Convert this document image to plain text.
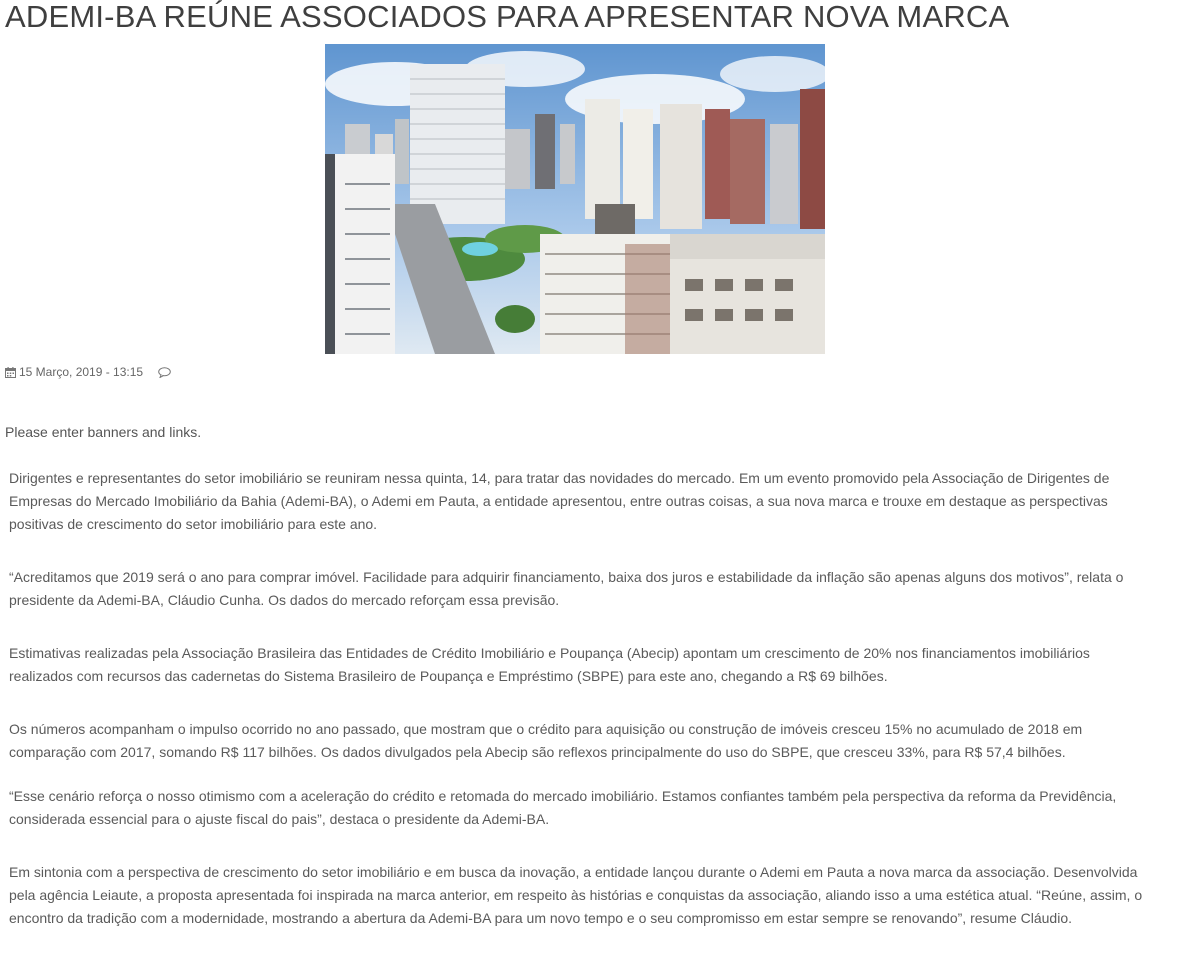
ADEMI-BA REÚNE ASSOCIADOS PARA APRESENTAR NOVA MARCA
15 Março, 2019 - 13:15

Please enter banners and links.

Dirigentes e representantes do setor imobiliário se reuniram nessa quinta, 14, para tratar das novidades do mercado. Em um evento promovido pela Associação de Dirigentes de Empresas do Mercado Imobiliário da Bahia (Ademi-BA), o Ademi em Pauta, a entidade apresentou, entre outras coisas, a sua nova marca e trouxe em destaque as perspectivas positivas de crescimento do setor imobiliário para este ano.

“Acreditamos que 2019 será o ano para comprar imóvel. Facilidade para adquirir financiamento, baixa dos juros e estabilidade da inflação são apenas alguns dos motivos”, relata o presidente da Ademi-BA, Cláudio Cunha. Os dados do mercado reforçam essa previsão.

Estimativas realizadas pela Associação Brasileira das Entidades de Crédito Imobiliário e Poupança (Abecip) apontam um crescimento de 20% nos financiamentos imobiliários realizados com recursos das cadernetas do Sistema Brasileiro de Poupança e Empréstimo (SBPE) para este ano, chegando a R$ 69 bilhões.

Os números acompanham o impulso ocorrido no ano passado, que mostram que o crédito para aquisição ou construção de imóveis cresceu 15% no acumulado de 2018 em comparação com 2017, somando R$ 117 bilhões. Os dados divulgados pela Abecip são reflexos principalmente do uso do SBPE, que cresceu 33%, para R$ 57,4 bilhões.

“Esse cenário reforça o nosso otimismo com a aceleração do crédito e retomada do mercado imobiliário. Estamos confiantes também pela perspectiva da reforma da Previdência, considerada essencial para o ajuste fiscal do pais”, destaca o presidente da Ademi-BA.

Em sintonia com a perspectiva de crescimento do setor imobiliário e em busca da inovação, a entidade lançou durante o Ademi em Pauta a nova marca da associação. Desenvolvida pela agência Leiaute, a proposta apresentada foi inspirada na marca anterior, em respeito às histórias e conquistas da associação, aliando isso a uma estética atual. “Reúne, assim, o encontro da tradição com a modernidade, mostrando a abertura da Ademi-BA para um novo tempo e o seu compromisso em estar sempre se renovando”, resume Cláudio.
